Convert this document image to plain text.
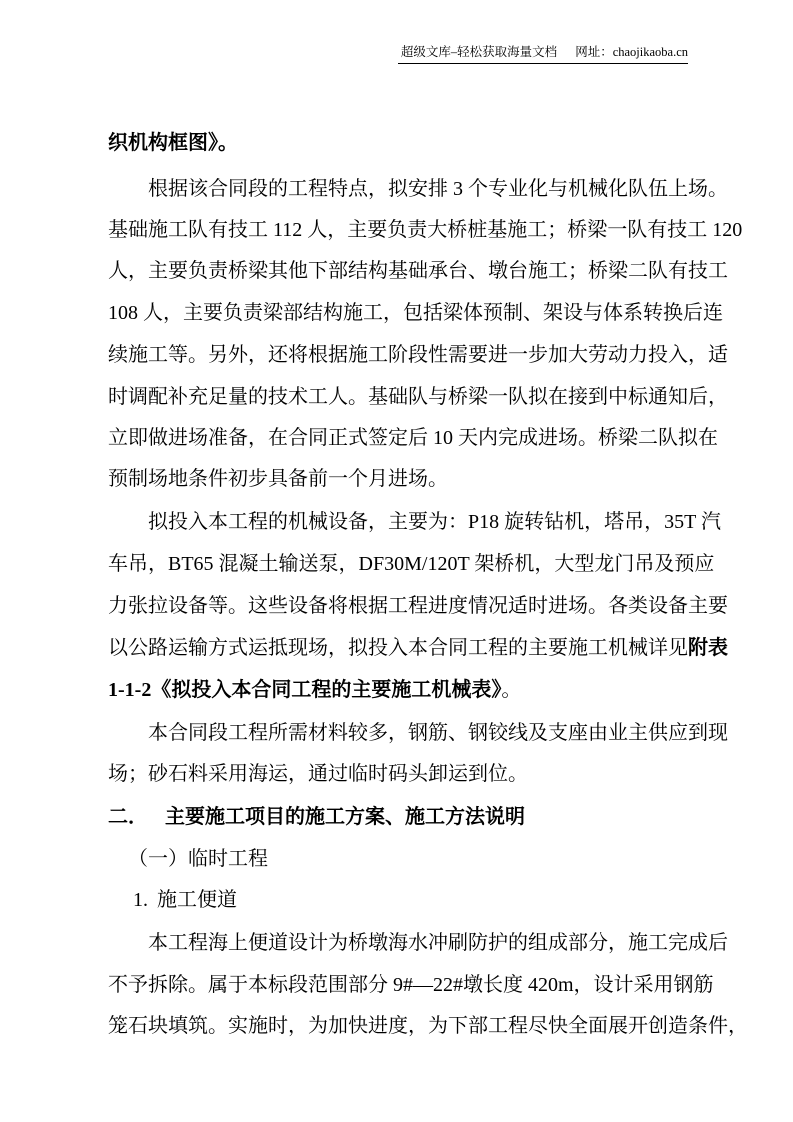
超级文库–轻松获取海量文档 网址：chaojikaoba.cn
织机构框图》。
根据该合同段的工程特点，拟安排 3 个专业化与机械化队伍上场。
基础施工队有技工 112 人，主要负责大桥桩基施工；桥梁一队有技工 120
人，主要负责桥梁其他下部结构基础承台、墩台施工；桥梁二队有技工
108 人，主要负责梁部结构施工，包括梁体预制、架设与体系转换后连
续施工等。另外，还将根据施工阶段性需要进一步加大劳动力投入，适
时调配补充足量的技术工人。基础队与桥梁一队拟在接到中标通知后，
立即做进场准备，在合同正式签定后 10 天内完成进场。桥梁二队拟在
预制场地条件初步具备前一个月进场。
拟投入本工程的机械设备，主要为：P18 旋转钻机，塔吊，35T 汽
车吊，BT65 混凝土输送泵，DF30M/120T 架桥机，大型龙门吊及预应
力张拉设备等。这些设备将根据工程进度情况适时进场。各类设备主要
以公路运输方式运抵现场，拟投入本合同工程的主要施工机械详见附表
1-1-2《拟投入本合同工程的主要施工机械表》。
本合同段工程所需材料较多，钢筋、钢铰线及支座由业主供应到现
场；砂石料采用海运，通过临时码头卸运到位。
二． 主要施工项目的施工方案、施工方法说明
（一）临时工程
1. 施工便道
本工程海上便道设计为桥墩海水冲刷防护的组成部分，施工完成后
不予拆除。属于本标段范围部分 9#—22#墩长度 420m，设计采用钢筋
笼石块填筑。实施时，为加快进度，为下部工程尽快全面展开创造条件，
